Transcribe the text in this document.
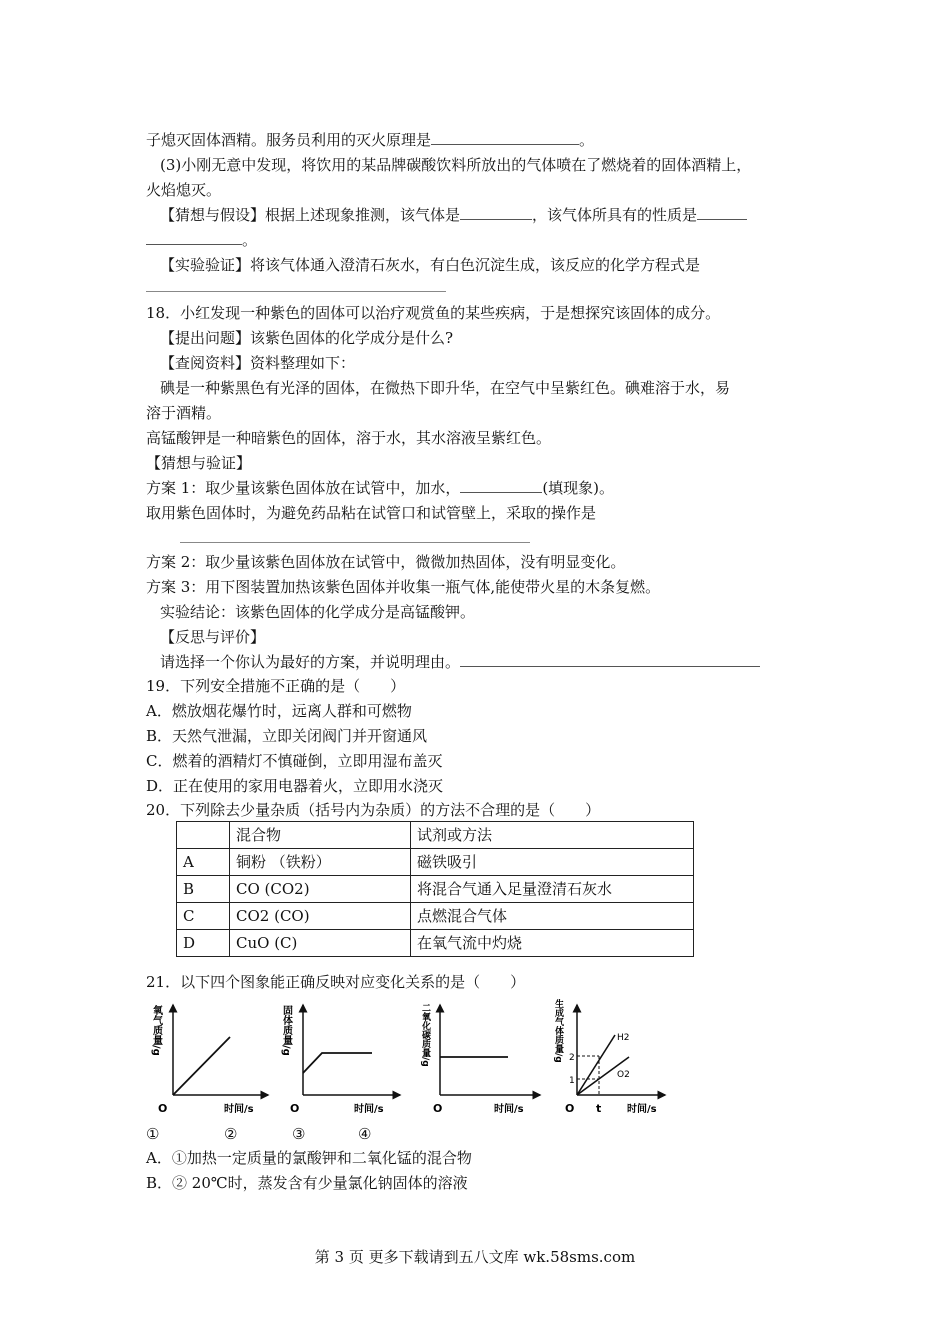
子熄灭固体酒精。服务员利用的灭火原理是	。
(3)小刚无意中发现，将饮用的某品牌碳酸饮料所放出的气体喷在了燃烧着的固体酒精上，
火焰熄灭。
【猜想与假设】根据上述现象推测，该气体是	，该气体所具有的性质是
。
【实验验证】将该气体通入澄清石灰水，有白色沉淀生成，该反应的化学方程式是
18．小红发现一种紫色的固体可以治疗观赏鱼的某些疾病，于是想探究该固体的成分。
【提出问题】该紫色固体的化学成分是什么?
【查阅资料】资料整理如下：
碘是一种紫黑色有光泽的固体，在微热下即升华，在空气中呈紫红色。碘难溶于水，易
溶于酒精。
高锰酸钾是一种暗紫色的固体，溶于水，其水溶液呈紫红色。
【猜想与验证】
方案 1：取少量该紫色固体放在试管中，加水，	(填现象)。
取用紫色固体时，为避免药品粘在试管口和试管壁上，采取的操作是
方案 2：取少量该紫色固体放在试管中，微微加热固体，没有明显变化。
方案 3：用下图装置加热该紫色固体并收集一瓶气体,能使带火星的木条复燃。
实验结论：该紫色固体的化学成分是高锰酸钾。
【反思与评价】
请选择一个你认为最好的方案，并说明理由。
19．下列安全措施不正确的是（　　）
A．燃放烟花爆竹时，远离人群和可燃物
B．天然气泄漏，立即关闭阀门并开窗通风
C．燃着的酒精灯不慎碰倒，立即用湿布盖灭
D．正在使用的家用电器着火，立即用水浇灭
20．下列除去少量杂质（括号内为杂质）的方法不合理的是（　　）
	混合物	试剂或方法
A	铜粉 （铁粉）	磁铁吸引
B	CO (CO2)	将混合气通入足量澄清石灰水
C	CO2 (CO)	点燃混合气体
D	CuO (C)	在氧气流中灼烧
21．以下四个图象能正确反映对应变化关系的是（　　）
氧气质量/g
O	时间/s
固体质量/g
O	时间/s
二氧化碳质量/g
O	时间/s
生成气体质量/g 2
1
H2
O2
O t	时间/s
①	②	③	④
A．①加热一定质量的氯酸钾和二氧化锰的混合物
B．② 20℃时，蒸发含有少量氯化钠固体的溶液
第 3 页 更多下载请到五八文库 wk.58sms.com
